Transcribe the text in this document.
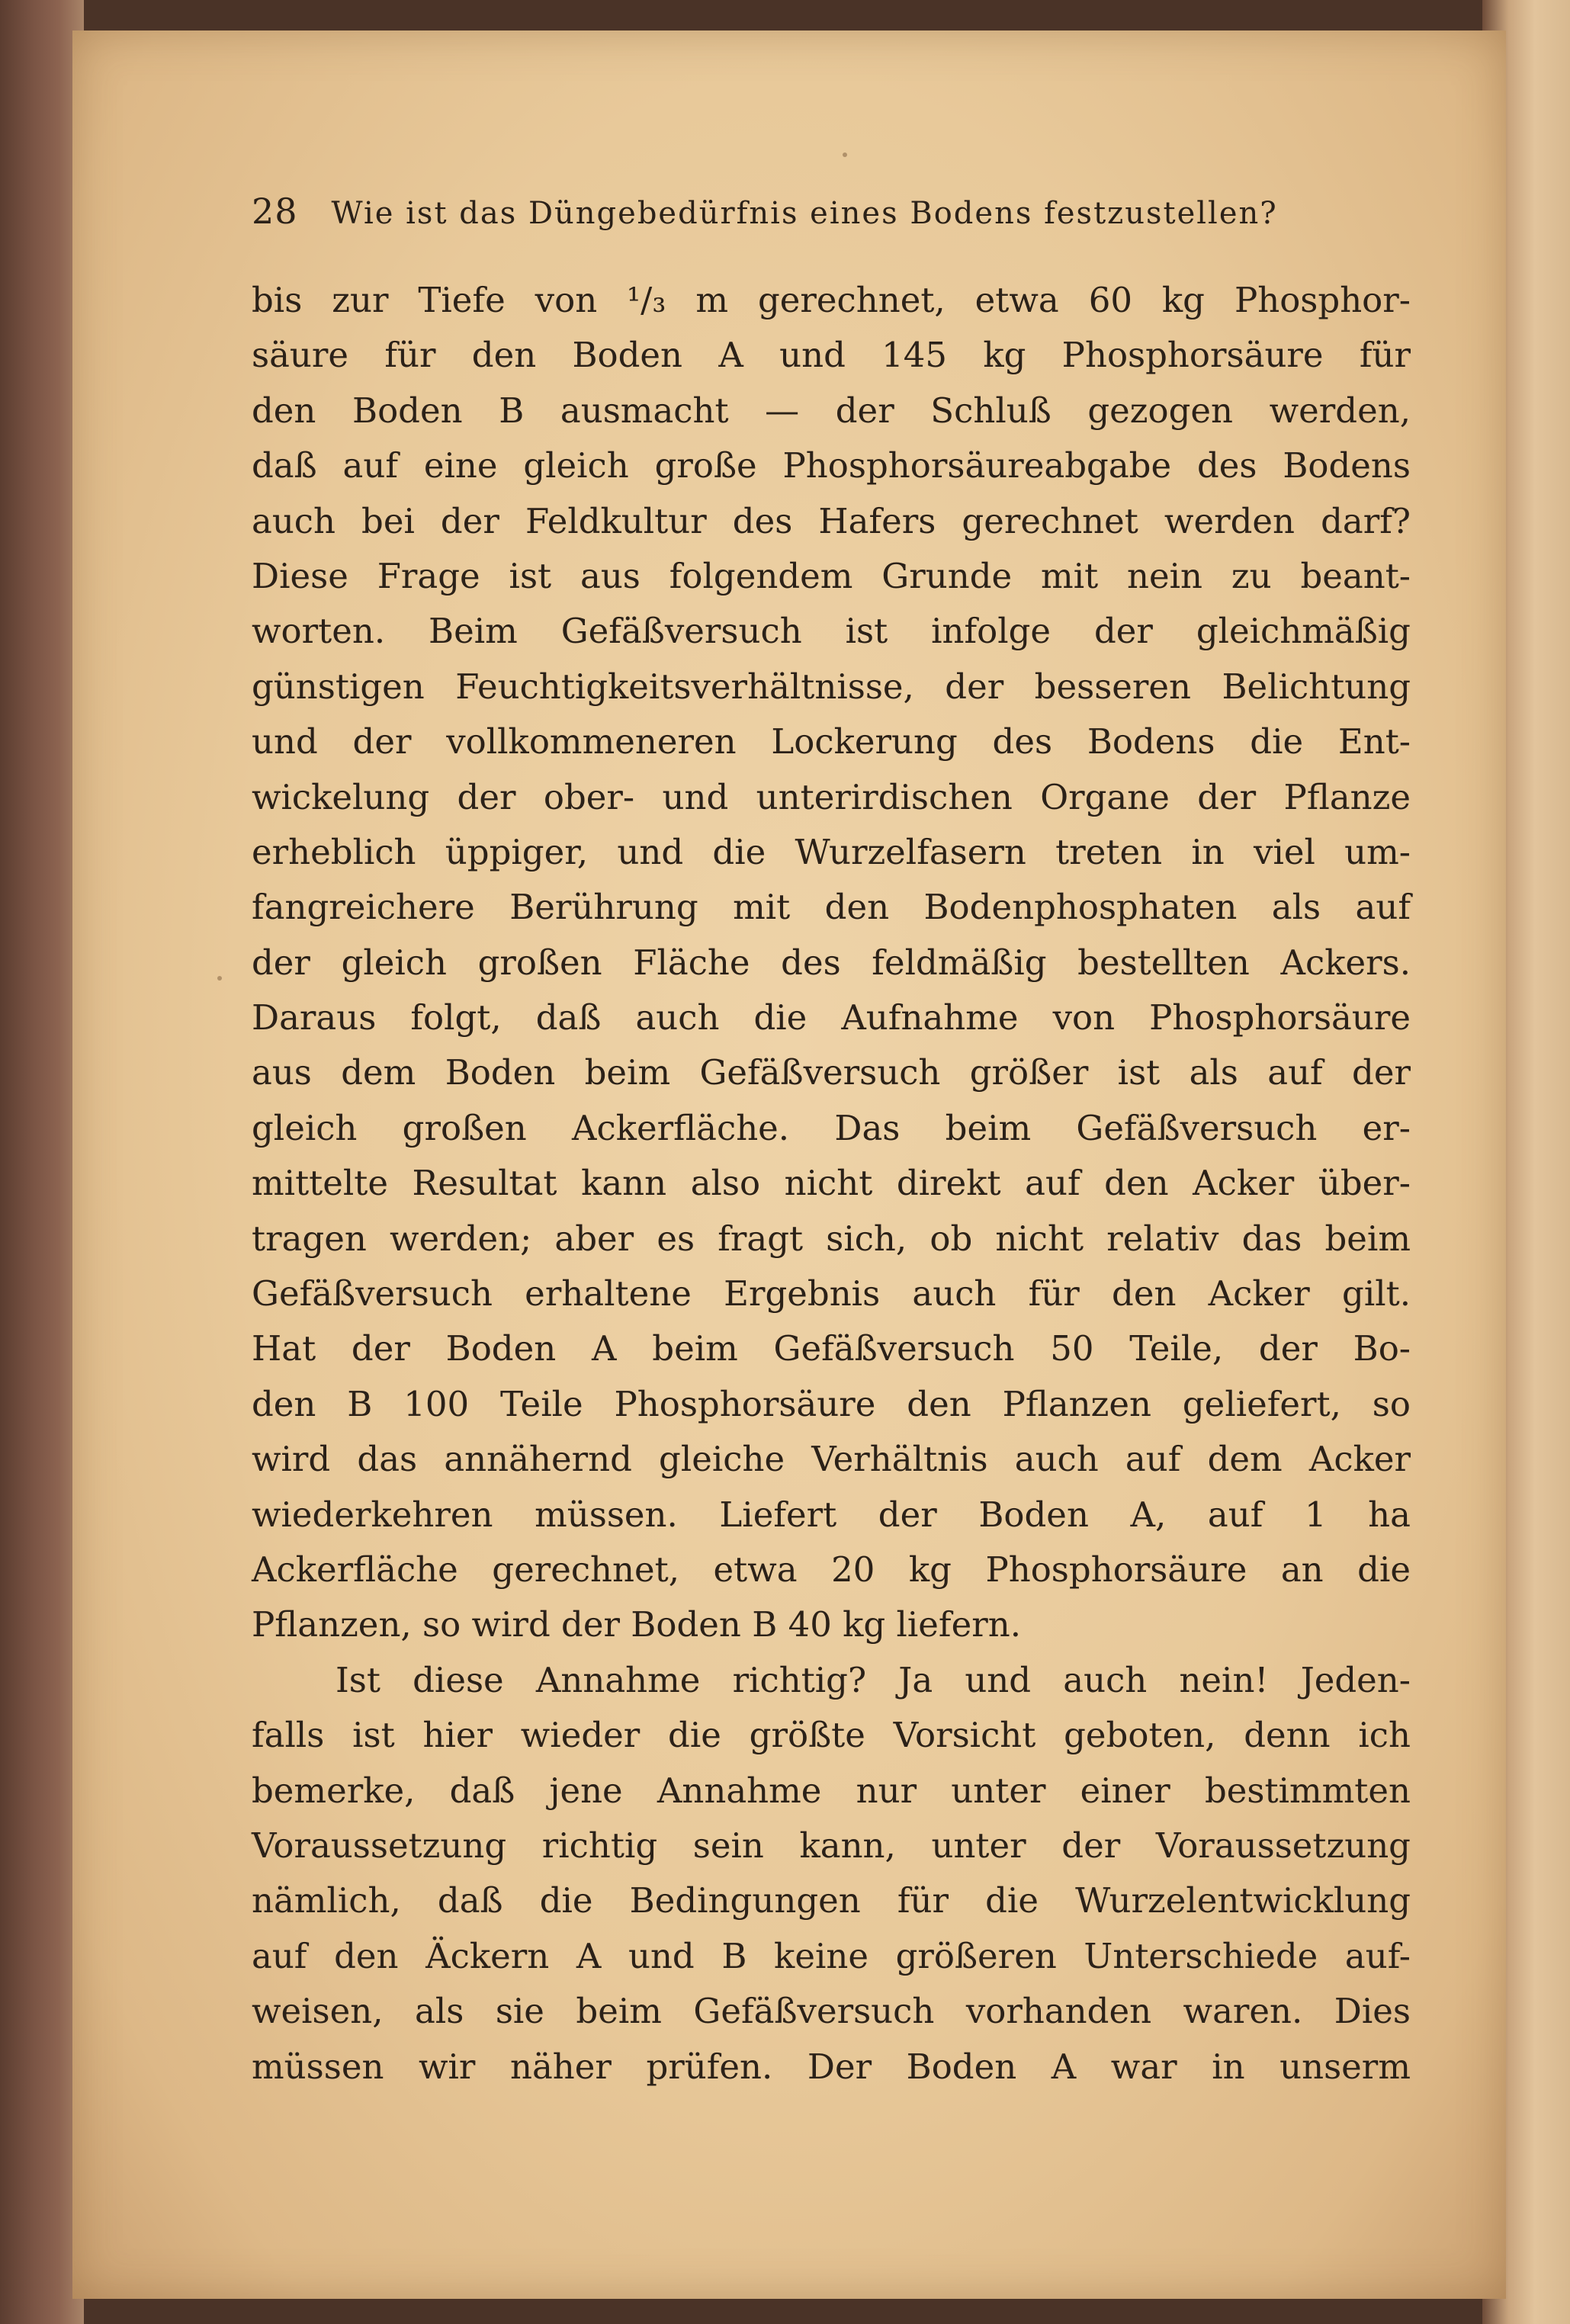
28 Wie ist das Düngebedürfnis eines Bodens festzustellen?
bis zur Tiefe von ¹/₃ m gerechnet, etwa 60 kg Phosphor-
säure für den Boden A und 145 kg Phosphorsäure für
den Boden B ausmacht — der Schluß gezogen werden,
daß auf eine gleich große Phosphorsäureabgabe des Bodens
auch bei der Feldkultur des Hafers gerechnet werden darf?
Diese Frage ist aus folgendem Grunde mit nein zu beant-
worten. Beim Gefäßversuch ist infolge der gleichmäßig
günstigen Feuchtigkeitsverhältnisse, der besseren Belichtung
und der vollkommeneren Lockerung des Bodens die Ent-
wickelung der ober- und unterirdischen Organe der Pflanze
erheblich üppiger, und die Wurzelfasern treten in viel um-
fangreichere Berührung mit den Bodenphosphaten als auf
der gleich großen Fläche des feldmäßig bestellten Ackers.
Daraus folgt, daß auch die Aufnahme von Phosphorsäure
aus dem Boden beim Gefäßversuch größer ist als auf der
gleich großen Ackerfläche. Das beim Gefäßversuch er-
mittelte Resultat kann also nicht direkt auf den Acker über-
tragen werden; aber es fragt sich, ob nicht relativ das beim
Gefäßversuch erhaltene Ergebnis auch für den Acker gilt.
Hat der Boden A beim Gefäßversuch 50 Teile, der Bo-
den B 100 Teile Phosphorsäure den Pflanzen geliefert, so
wird das annähernd gleiche Verhältnis auch auf dem Acker
wiederkehren müssen. Liefert der Boden A, auf 1 ha
Ackerfläche gerechnet, etwa 20 kg Phosphorsäure an die
Pflanzen, so wird der Boden B 40 kg liefern.
Ist diese Annahme richtig? Ja und auch nein! Jeden-
falls ist hier wieder die größte Vorsicht geboten, denn ich
bemerke, daß jene Annahme nur unter einer bestimmten
Voraussetzung richtig sein kann, unter der Voraussetzung
nämlich, daß die Bedingungen für die Wurzelentwicklung
auf den Äckern A und B keine größeren Unterschiede auf-
weisen, als sie beim Gefäßversuch vorhanden waren. Dies
müssen wir näher prüfen. Der Boden A war in unserm
